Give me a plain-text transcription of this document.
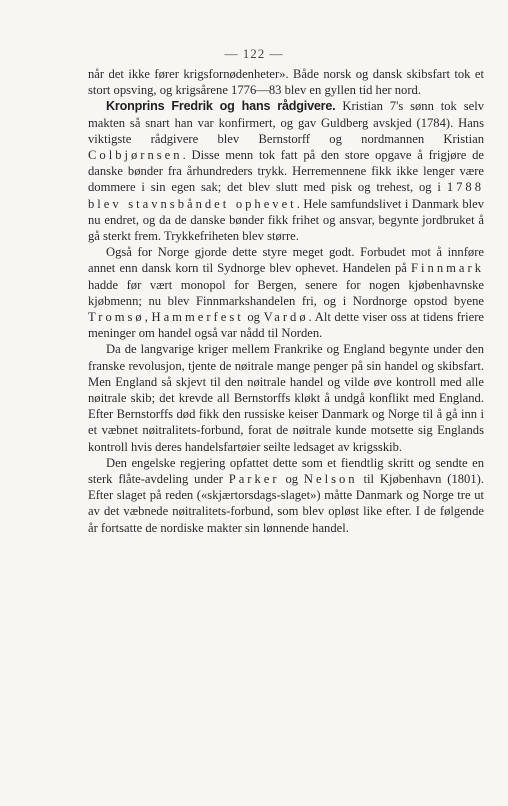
— 122 —

når det ikke fører krigsfornødenheter». Både norsk og dansk skibsfart tok et stort opsving, og krigsårene 1776—83 blev en gyllen tid her nord.

Kronprins Fredrik og hans rådgivere. Kristian 7's sønn tok selv makten så snart han var konfirmert, og gav Guldberg avskjed (1784). Hans viktigste rådgivere blev Bernstorff og nordmannen Kristian Colbjørnsen. Disse menn tok fatt på den store opgave å frigjøre de danske bønder fra århundreders trykk. Herremennene fikk ikke lenger være dommere i sin egen sak; det blev slutt med pisk og trehest, og i 1788 blev stavnsbåndet ophevet. Hele samfundslivet i Danmark blev nu endret, og da de danske bønder fikk frihet og ansvar, begynte jordbruket å gå sterkt frem. Trykkefriheten blev større.

Også for Norge gjorde dette styre meget godt. Forbudet mot å innføre annet enn dansk korn til Sydnorge blev ophevet. Handelen på Finnmark hadde før vært monopol for Bergen, senere for nogen kjøbenhavnske kjøbmenn; nu blev Finnmarkshandelen fri, og i Nordnorge opstod byene Tromsø, Hammerfest og Vardø. Alt dette viser oss at tidens friere meninger om handel også var nådd til Norden.

Da de langvarige kriger mellem Frankrike og England begynte under den franske revolusjon, tjente de nøitrale mange penger på sin handel og skibsfart. Men England så skjevt til den nøitrale handel og vilde øve kontroll med alle nøitrale skib; det krevde all Bernstorffs kløkt å undgå konflikt med England. Efter Bernstorffs død fikk den russiske keiser Danmark og Norge til å gå inn i et væbnet nøitralitets-forbund, forat de nøitrale kunde motsette sig Englands kontroll hvis deres handelsfartøier seilte ledsaget av krigsskib.

Den engelske regjering opfattet dette som et fiendtlig skritt og sendte en sterk flåte-avdeling under Parker og Nelson til Kjøbenhavn (1801). Efter slaget på reden («skjærtorsdags-slaget») måtte Danmark og Norge tre ut av det væbnede nøitralitets-forbund, som blev opløst like efter. I de følgende år fortsatte de nordiske makter sin lønnende handel.
